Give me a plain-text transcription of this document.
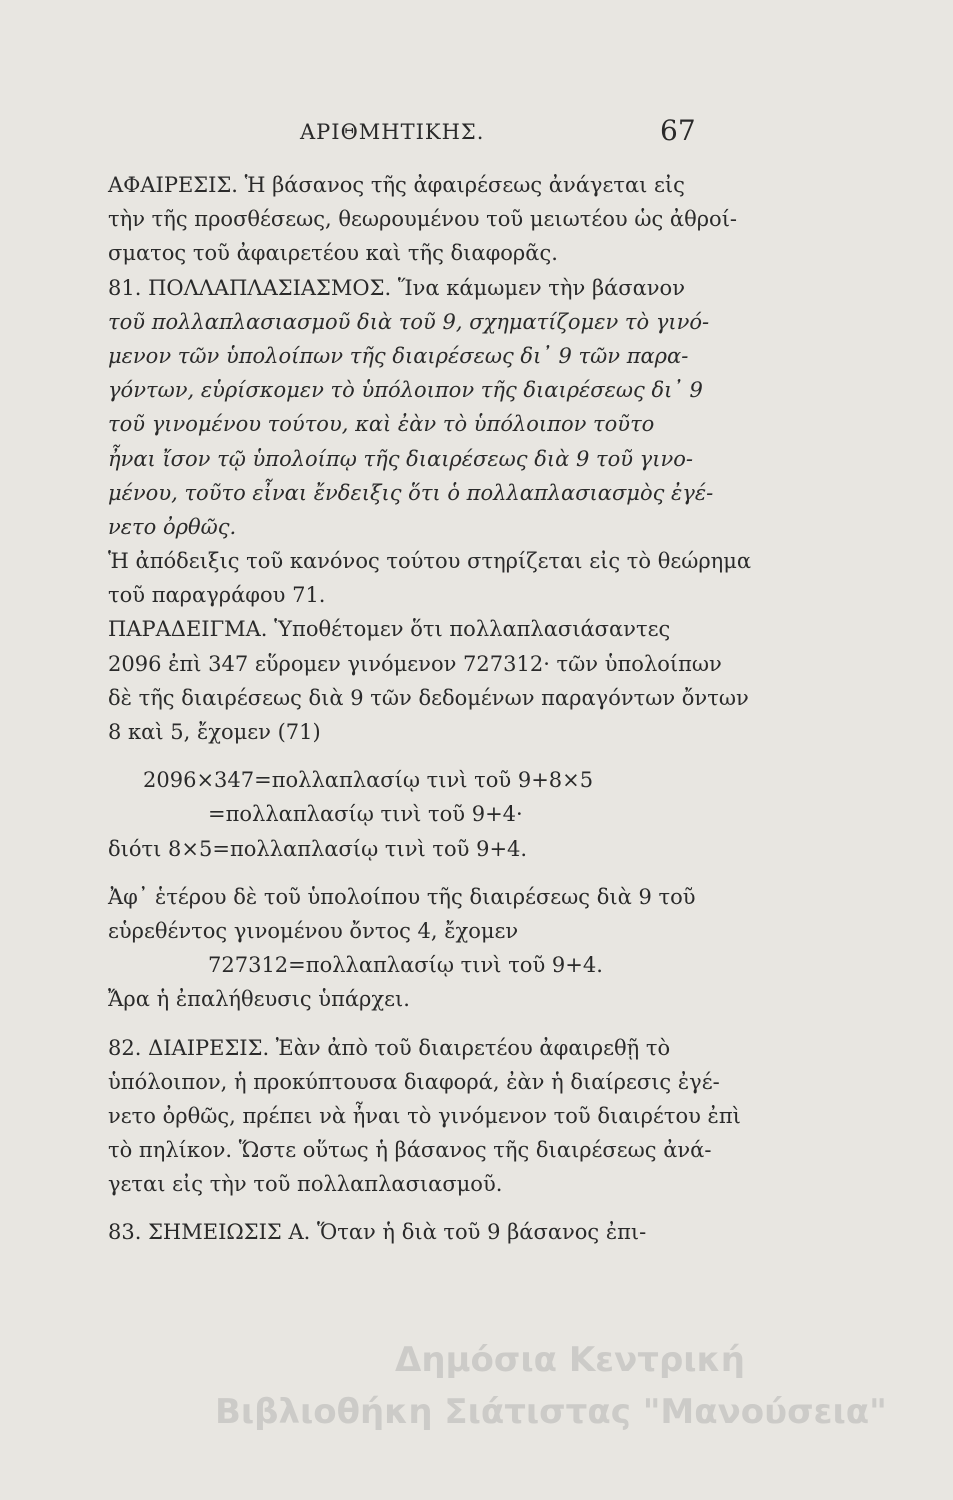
ΑΡΙΘΜΗΤΙΚΗΣ.	67
ΑΦΑΙΡΕΣΙΣ. Ἡ βάσανος τῆς ἀφαιρέσεως ἀνάγεται εἰς
τὴν τῆς προσθέσεως, θεωρουμένου τοῦ μειωτέου ὡς ἀθροί-
σματος τοῦ ἀφαιρετέου καὶ τῆς διαφορᾶς.
81. ΠΟΛΛΑΠΛΑΣΙΑΣΜΟΣ. Ἵνα κάμωμεν τὴν βάσανον
τοῦ πολλαπλασιασμοῦ διὰ τοῦ 9, σχηματίζομεν τὸ γινό-
μενον τῶν ὑπολοίπων τῆς διαιρέσεως δι᾽ 9 τῶν παρα-
γόντων, εὑρίσκομεν τὸ ὑπόλοιπον τῆς διαιρέσεως δι᾽ 9
τοῦ γινομένου τούτου, καὶ ἐὰν τὸ ὑπόλοιπον τοῦτο
ἦναι ἴσον τῷ ὑπολοίπῳ τῆς διαιρέσεως διὰ 9 τοῦ γινο-
μένου, τοῦτο εἶναι ἔνδειξις ὅτι ὁ πολλαπλασιασμὸς ἐγέ-
νετο ὀρθῶς.
Ἡ ἀπόδειξις τοῦ κανόνος τούτου στηρίζεται εἰς τὸ θεώρημα
τοῦ παραγράφου 71.
ΠΑΡΑΔΕΙΓΜΑ. Ὑποθέτομεν ὅτι πολλαπλασιάσαντες
2096 ἐπὶ 347 εὕρομεν γινόμενον 727312· τῶν ὑπολοίπων
δὲ τῆς διαιρέσεως διὰ 9 τῶν δεδομένων παραγόντων ὄντων
8 καὶ 5, ἔχομεν (71)
2096×347=πολλαπλασίῳ τινὶ τοῦ 9+8×5
=πολλαπλασίῳ τινὶ τοῦ 9+4·
διότι 8×5=πολλαπλασίῳ τινὶ τοῦ 9+4.
Ἀφ᾽ ἑτέρου δὲ τοῦ ὑπολοίπου τῆς διαιρέσεως διὰ 9 τοῦ
εὑρεθέντος γινομένου ὄντος 4, ἔχομεν
727312=πολλαπλασίῳ τινὶ τοῦ 9+4.
Ἄρα ἡ ἐπαλήθευσις ὑπάρχει.
82. ΔΙΑΙΡΕΣΙΣ. Ἐὰν ἀπὸ τοῦ διαιρετέου ἀφαιρεθῇ τὸ
ὑπόλοιπον, ἡ προκύπτουσα διαφορά, ἐὰν ἡ διαίρεσις ἐγέ-
νετο ὀρθῶς, πρέπει νὰ ἦναι τὸ γινόμενον τοῦ διαιρέτου ἐπὶ
τὸ πηλίκον. Ὥστε οὕτως ἡ βάσανος τῆς διαιρέσεως ἀνά-
γεται εἰς τὴν τοῦ πολλαπλασιασμοῦ.
83. ΣΗΜΕΙΩΣΙΣ Α. Ὅταν ἡ διὰ τοῦ 9 βάσανος ἐπι-
Δημόσια Κεντρική
Βιβλιοθήκη Σιάτιστας "Μανούσεια"
